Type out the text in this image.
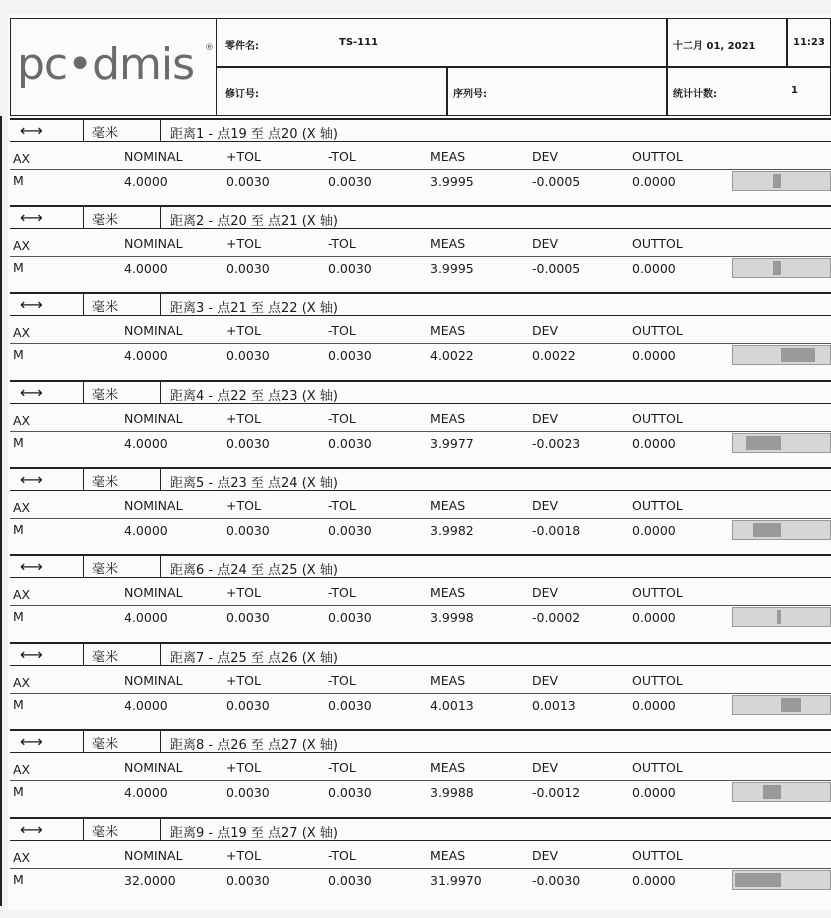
pc•dmis ® 零件名:	TS-111	十二月 01, 2021	11:23
修订号:	序列号:	统计计数:	1
⟷	毫米	距离1 - 点19 至 点20 (X 轴)
AX	NOMINAL	+TOL	-TOL	MEAS	DEV	OUTTOL
M	4.0000	0.0030	0.0030	3.9995	-0.0005	0.0000
⟷	毫米	距离2 - 点20 至 点21 (X 轴)
AX	NOMINAL	+TOL	-TOL	MEAS	DEV	OUTTOL
M	4.0000	0.0030	0.0030	3.9995	-0.0005	0.0000
⟷	毫米	距离3 - 点21 至 点22 (X 轴)
AX	NOMINAL	+TOL	-TOL	MEAS	DEV	OUTTOL
M	4.0000	0.0030	0.0030	4.0022	0.0022	0.0000
⟷	毫米	距离4 - 点22 至 点23 (X 轴)
AX	NOMINAL	+TOL	-TOL	MEAS	DEV	OUTTOL
M	4.0000	0.0030	0.0030	3.9977	-0.0023	0.0000
⟷	毫米	距离5 - 点23 至 点24 (X 轴)
AX	NOMINAL	+TOL	-TOL	MEAS	DEV	OUTTOL
M	4.0000	0.0030	0.0030	3.9982	-0.0018	0.0000
⟷	毫米	距离6 - 点24 至 点25 (X 轴)
AX	NOMINAL	+TOL	-TOL	MEAS	DEV	OUTTOL
M	4.0000	0.0030	0.0030	3.9998	-0.0002	0.0000
⟷	毫米	距离7 - 点25 至 点26 (X 轴)
AX	NOMINAL	+TOL	-TOL	MEAS	DEV	OUTTOL
M	4.0000	0.0030	0.0030	4.0013	0.0013	0.0000
⟷	毫米	距离8 - 点26 至 点27 (X 轴)
AX	NOMINAL	+TOL	-TOL	MEAS	DEV	OUTTOL
M	4.0000	0.0030	0.0030	3.9988	-0.0012	0.0000
⟷	毫米	距离9 - 点19 至 点27 (X 轴)
AX	NOMINAL	+TOL	-TOL	MEAS	DEV	OUTTOL
M	32.0000	0.0030	0.0030	31.9970	-0.0030	0.0000
